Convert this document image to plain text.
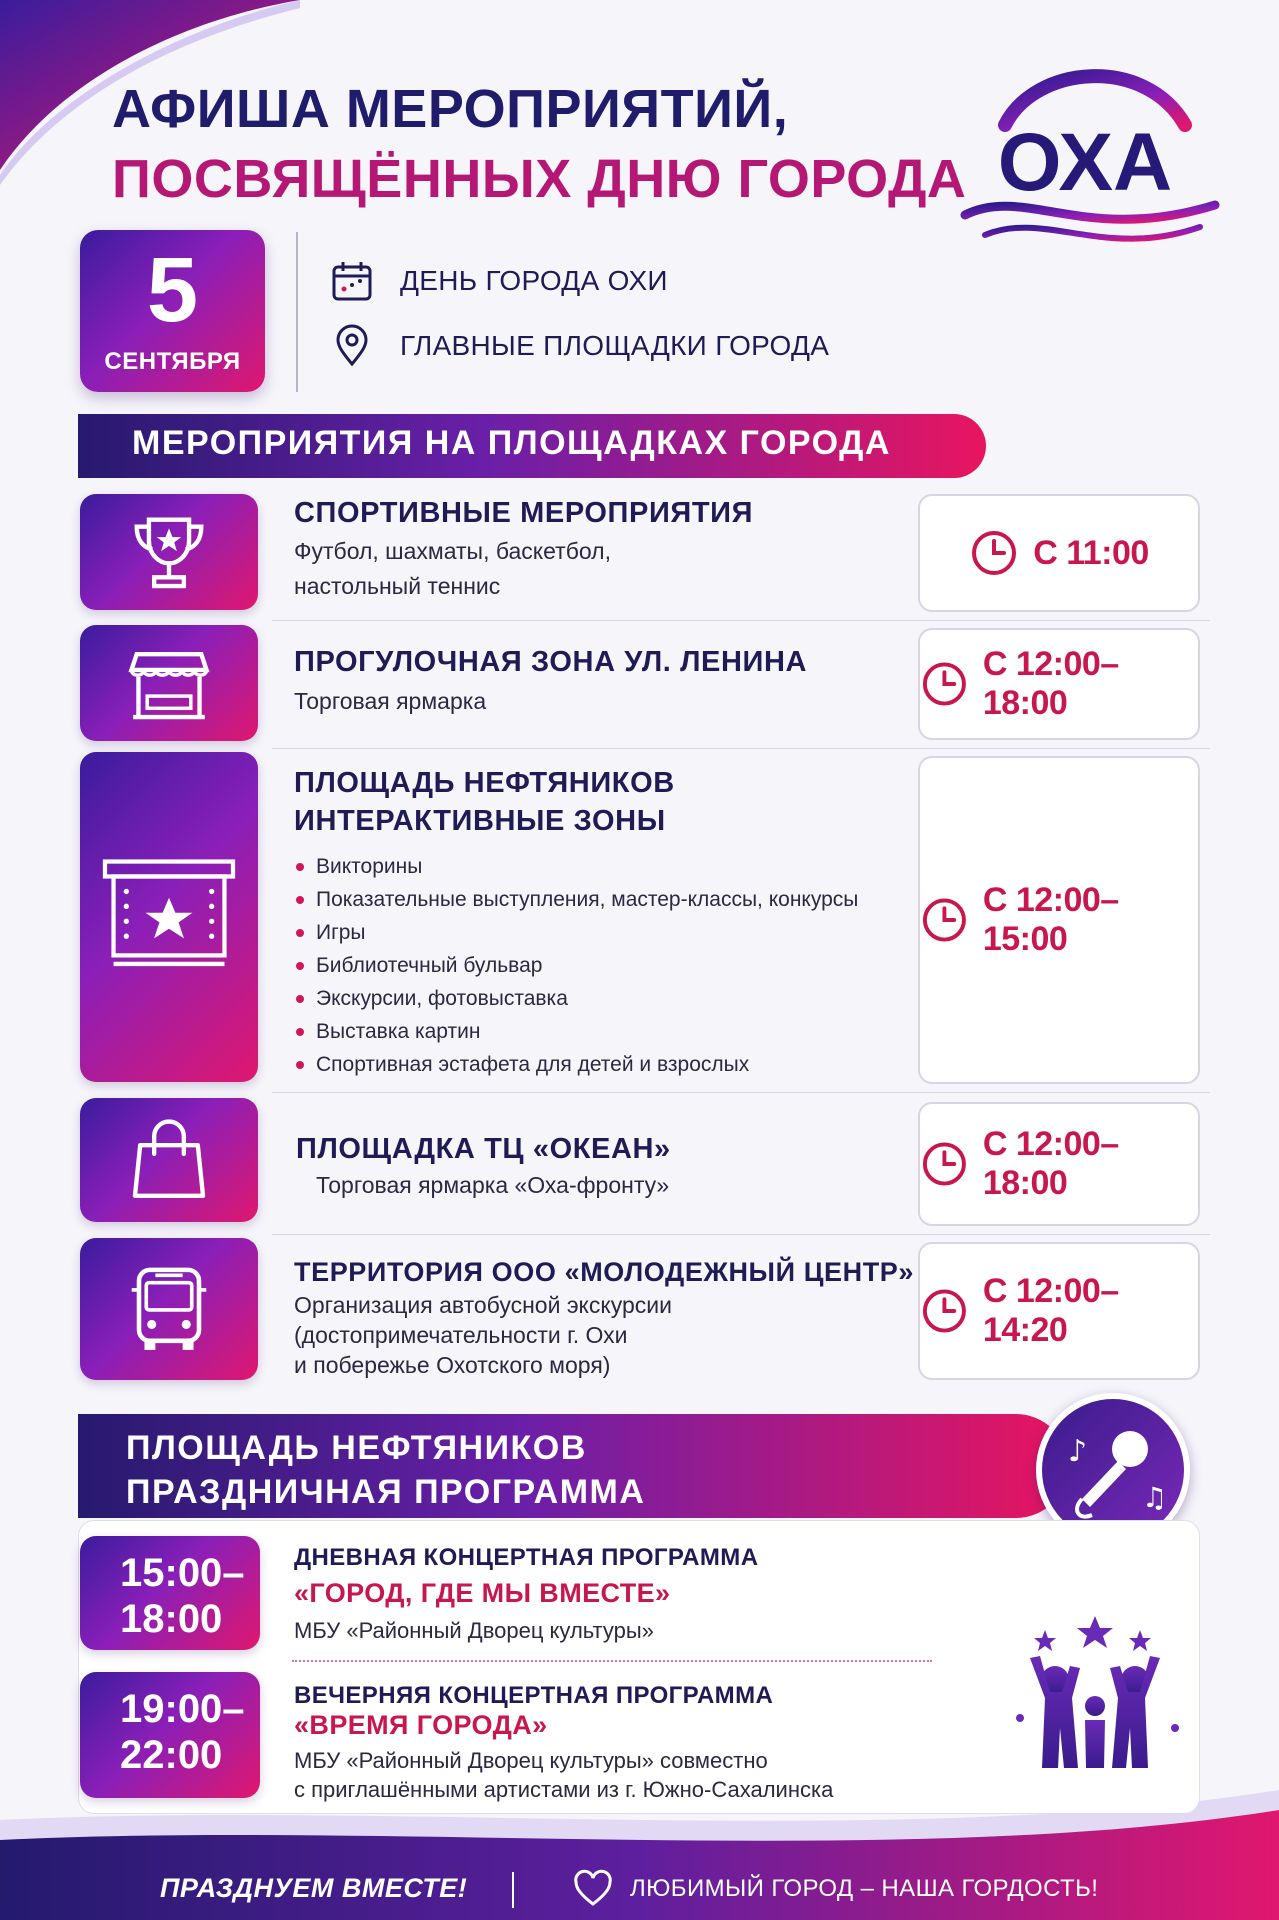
АФИША МЕРОПРИЯТИЙ,
ПОСВЯЩЁННЫХ ДНЮ ГОРОДА ОХА
5
СЕНТЯБРЯ
ДЕНЬ ГОРОДА ОХИ
ГЛАВНЫЕ ПЛОЩАДКИ ГОРОДА
МЕРОПРИЯТИЯ НА ПЛОЩАДКАХ ГОРОДА
СПОРТИВНЫЕ МЕРОПРИЯТИЯ
Футбол, шахматы, баскетбол,
настольный теннис
С 11:00
ПРОГУЛОЧНАЯ ЗОНА УЛ. ЛЕНИНА
Торговая ярмарка
С 12:00–18:00
ПЛОЩАДЬ НЕФТЯНИКОВ
ИНТЕРАКТИВНЫЕ ЗОНЫ
Викторины
Показательные выступления, мастер-классы, конкурсы
Игры
Библиотечный бульвар
Экскурсии, фотовыставка
Выставка картин
Спортивная эстафета для детей и взрослых
С 12:00–15:00
ПЛОЩАДКА ТЦ «ОКЕАН»
Торговая ярмарка «Оха-фронту»
С 12:00–18:00
ТЕРРИТОРИЯ ООО «МОЛОДЕЖНЫЙ ЦЕНТР»
Организация автобусной экскурсии
(достопримечательности г. Охи
и побережье Охотского моря)
С 12:00–14:20
ПЛОЩАДЬ НЕФТЯНИКОВ
ПРАЗДНИЧНАЯ ПРОГРАММА
♪
♫
15:00–
18:00
ДНЕВНАЯ КОНЦЕРТНАЯ ПРОГРАММА
«ГОРОД, ГДЕ МЫ ВМЕСТЕ»
МБУ «Районный Дворец культуры»
19:00–
22:00
ВЕЧЕРНЯЯ КОНЦЕРТНАЯ ПРОГРАММА
«ВРЕМЯ ГОРОДА»
МБУ «Районный Дворец культуры» совместно
с приглашёнными артистами из г. Южно-Сахалинска
ПРАЗДНУЕМ ВМЕСТЕ!	ЛЮБИМЫЙ ГОРОД – НАША ГОРДОСТЬ!
